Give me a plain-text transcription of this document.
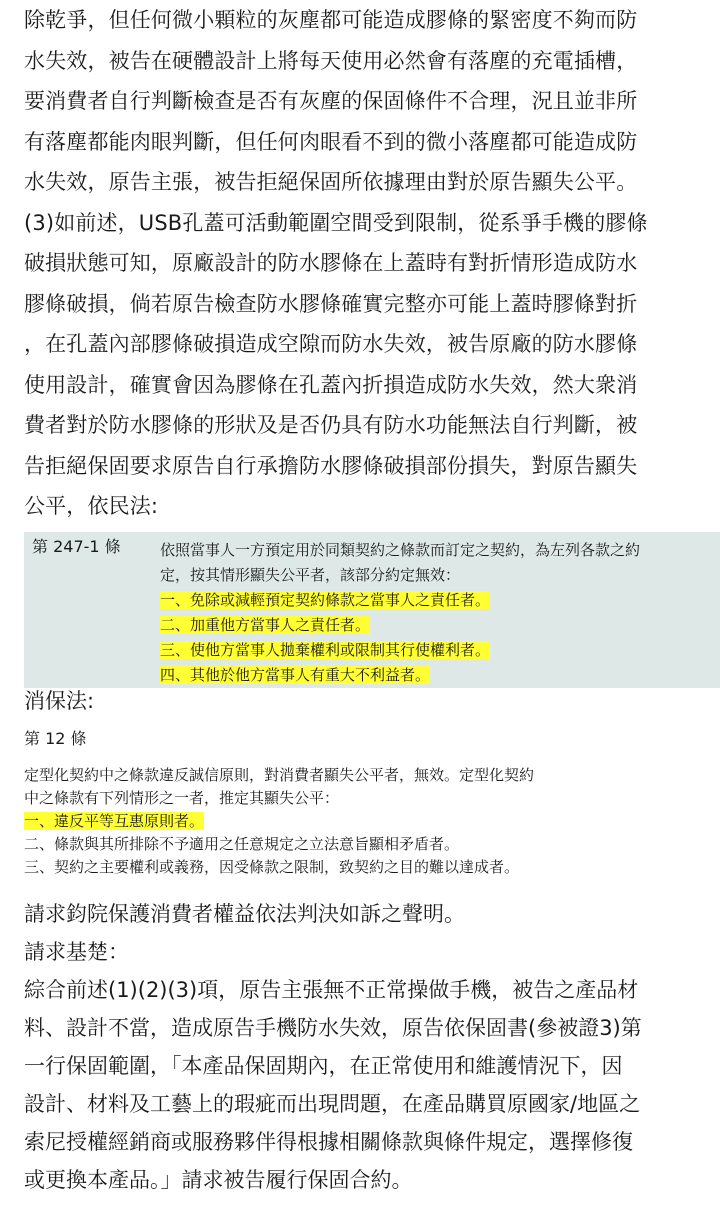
除乾爭，但任何微小顆粒的灰塵都可能造成膠條的緊密度不夠而防
水失效，被告在硬體設計上將每天使用必然會有落塵的充電插槽，
要消費者自行判斷檢查是否有灰塵的保固條件不合理，況且並非所
有落塵都能肉眼判斷，但任何肉眼看不到的微小落塵都可能造成防
水失效，原告主張，被告拒絕保固所依據理由對於原告顯失公平。
(3)如前述，USB孔蓋可活動範圍空間受到限制，從系爭手機的膠條
破損狀態可知，原廠設計的防水膠條在上蓋時有對折情形造成防水
膠條破損，倘若原告檢查防水膠條確實完整亦可能上蓋時膠條對折
，在孔蓋內部膠條破損造成空隙而防水失效，被告原廠的防水膠條
使用設計，確實會因為膠條在孔蓋內折損造成防水失效，然大衆消
費者對於防水膠條的形狀及是否仍具有防水功能無法自行判斷，被
告拒絕保固要求原告自行承擔防水膠條破損部份損失，對原告顯失
公平，依民法:
第 247-1 條	依照當事人一方預定用於同類契約之條款而訂定之契約，為左列各款之約
定，按其情形顯失公平者，該部分約定無效：
一、免除或減輕預定契約條款之當事人之責任者。
二、加重他方當事人之責任者。
三、使他方當事人拋棄權利或限制其行使權利者。
四、其他於他方當事人有重大不利益者。
消保法:
第 12 條
定型化契約中之條款違反誠信原則，對消費者顯失公平者，無效。定型化契約
中之條款有下列情形之一者，推定其顯失公平：
一、違反平等互惠原則者。
二、條款與其所排除不予適用之任意規定之立法意旨顯相矛盾者。
三、契約之主要權利或義務，因受條款之限制，致契約之目的難以達成者。
請求鈞院保護消費者權益依法判決如訴之聲明。
請求基楚：
綜合前述(1)(2)(3)項，原告主張無不正常操做手機，被告之產品材
料、設計不當，造成原告手機防水失效，原告依保固書(參被證3)第
一行保固範圍，「本產品保固期內，在正常使用和維護情況下，因
設計、材料及工藝上的瑕疵而出現問題，在產品購買原國家/地區之
索尼授權經銷商或服務夥伴得根據相關條款與條件規定，選擇修復
或更換本產品。」請求被告履行保固合約。
